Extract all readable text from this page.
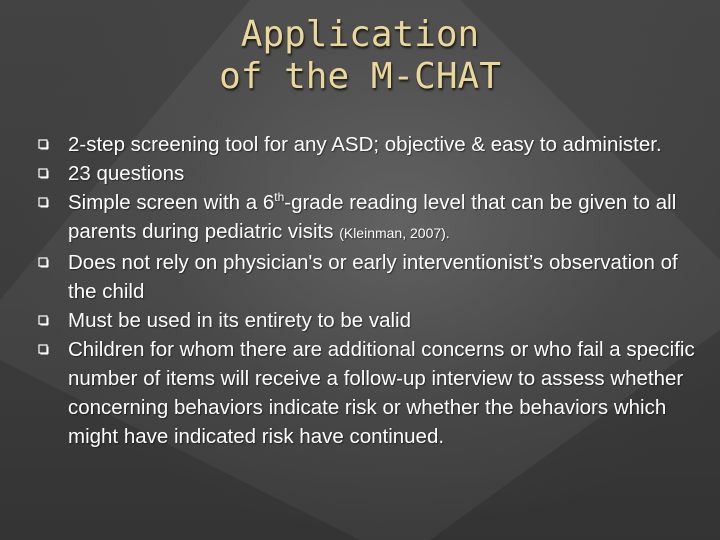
Application
of the M-CHAT
2-step screening tool for any ASD; objective & easy to administer.
23 questions
Simple screen with a 6th-grade reading level that can be given to all parents during pediatric visits (Kleinman, 2007).
Does not rely on physician's or early interventionist’s observation of the child
Must be used in its entirety to be valid
Children for whom there are additional concerns or who fail a specific number of items will receive a follow-up interview to assess whether concerning behaviors indicate risk or whether the behaviors which might have indicated risk have continued.
